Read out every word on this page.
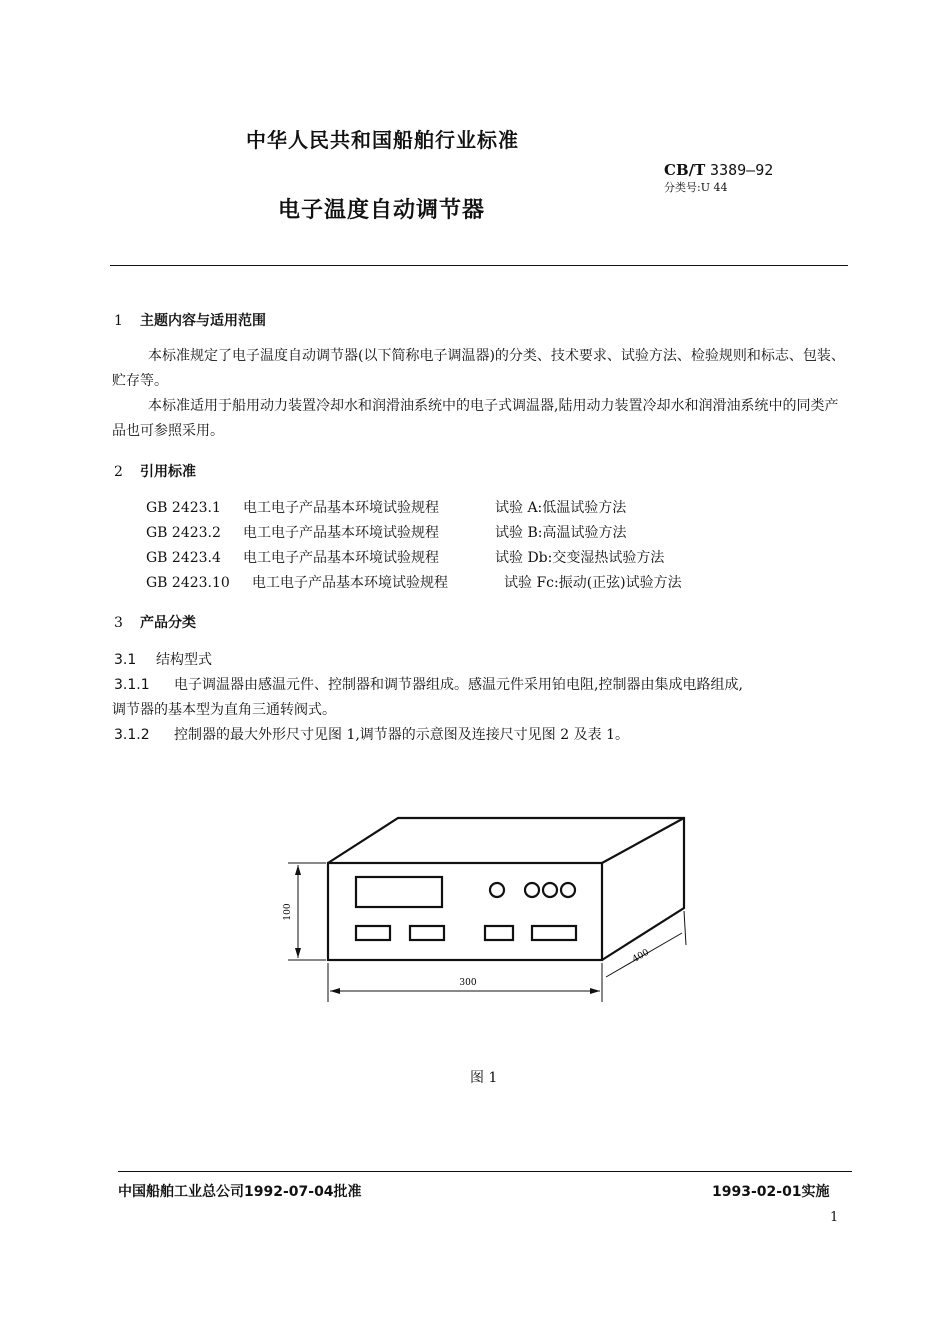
中华人民共和国船舶行业标准
CB/T 3389—92
分类号:U 44
电子温度自动调节器
1 主题内容与适用范围
本标准规定了电子温度自动调节器(以下简称电子调温器)的分类、技术要求、试验方法、检验规则和标志、包装、贮存等。
本标准适用于船用动力装置冷却水和润滑油系统中的电子式调温器,陆用动力装置冷却水和润滑油系统中的同类产品也可参照采用。
2 引用标准
GB 2423.1 电工电子产品基本环境试验规程	试验 A:低温试验方法
GB 2423.2 电工电子产品基本环境试验规程	试验 B:高温试验方法
GB 2423.4 电工电子产品基本环境试验规程	试验 Db:交变湿热试验方法
GB 2423.10 电工电子产品基本环境试验规程	试验 Fc:振动(正弦)试验方法
3 产品分类
3.1 结构型式
3.1.1 电子调温器由感温元件、控制器和调节器组成。感温元件采用铂电阻,控制器由集成电路组成,
调节器的基本型为直角三通转阀式。
3.1.2 控制器的最大外形尺寸见图 1,调节器的示意图及连接尺寸见图 2 及表 1。
100
300
400
图 1
中国船舶工业总公司1992-07-04批准	1993-02-01实施
1
